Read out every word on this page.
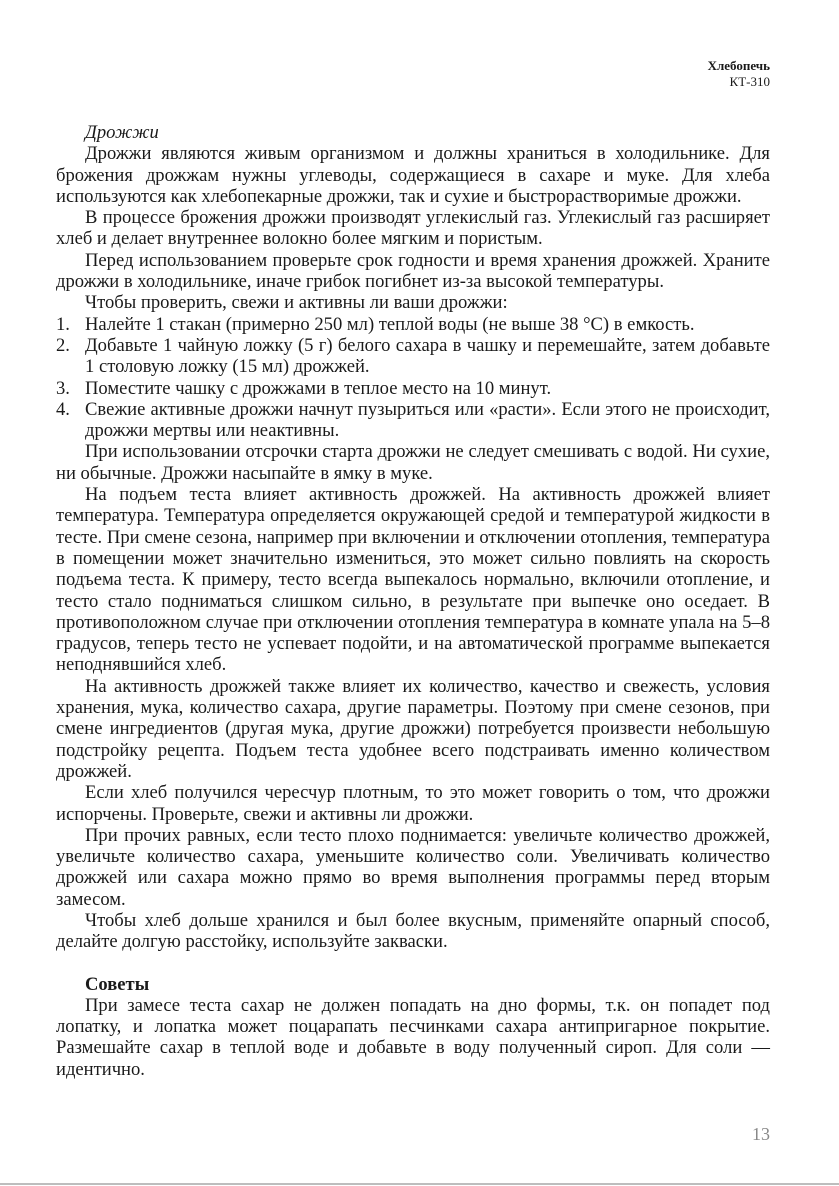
Хлебопечь
КТ-310

Дрожжи

Дрожжи являются живым организмом и должны храниться в холодильнике. Для брожения дрожжам нужны углеводы, содержащиеся в сахаре и муке. Для хлеба используются как хлебопекарные дрожжи, так и сухие и быстрорастворимые дрожжи.

В процессе брожения дрожжи производят углекислый газ. Углекислый газ расширяет хлеб и делает внутреннее волокно более мягким и пористым.

Перед использованием проверьте срок годности и время хранения дрожжей. Храните дрожжи в холодильнике, иначе грибок погибнет из-за высокой температуры.

Чтобы проверить, свежи и активны ли ваши дрожжи:

1. Налейте 1 стакан (примерно 250 мл) теплой воды (не выше 38 °C) в емкость.
2. Добавьте 1 чайную ложку (5 г) белого сахара в чашку и перемешайте, затем добавьте 1 столовую ложку (15 мл) дрожжей.
3. Поместите чашку с дрожжами в теплое место на 10 минут.
4. Свежие активные дрожжи начнут пузыриться или «расти». Если этого не происходит, дрожжи мертвы или неактивны.

При использовании отсрочки старта дрожжи не следует смешивать с водой. Ни сухие, ни обычные. Дрожжи насыпайте в ямку в муке.

На подъем теста влияет активность дрожжей. На активность дрожжей влияет температура. Температура определяется окружающей средой и температурой жидкости в тесте. При смене сезона, например при включении и отключении отопления, температура в помещении может значительно измениться, это может сильно повлиять на скорость подъема теста. К примеру, тесто всегда выпекалось нормально, включили отопление, и тесто стало подниматься слишком сильно, в результате при выпечке оно оседает. В противоположном случае при отключении отопления температура в комнате упала на 5–8 градусов, теперь тесто не успевает подойти, и на автоматической программе выпекается неподнявшийся хлеб.

На активность дрожжей также влияет их количество, качество и свежесть, условия хранения, мука, количество сахара, другие параметры. Поэтому при смене сезонов, при смене ингредиентов (другая мука, другие дрожжи) потребуется произвести небольшую подстройку рецепта. Подъем теста удобнее всего подстраивать именно количеством дрожжей.

Если хлеб получился чересчур плотным, то это может говорить о том, что дрожжи испорчены. Проверьте, свежи и активны ли дрожжи.

При прочих равных, если тесто плохо поднимается: увеличьте количество дрожжей, увеличьте количество сахара, уменьшите количество соли. Увеличивать количество дрожжей или сахара можно прямо во время выполнения программы перед вторым замесом.

Чтобы хлеб дольше хранился и был более вкусным, применяйте опарный способ, делайте долгую расстойку, используйте закваски.

Советы

При замесе теста сахар не должен попадать на дно формы, т.к. он попадет под лопатку, и лопатка может поцарапать песчинками сахара антипригарное покрытие. Размешайте сахар в теплой воде и добавьте в воду полученный сироп. Для соли — идентично.

13
